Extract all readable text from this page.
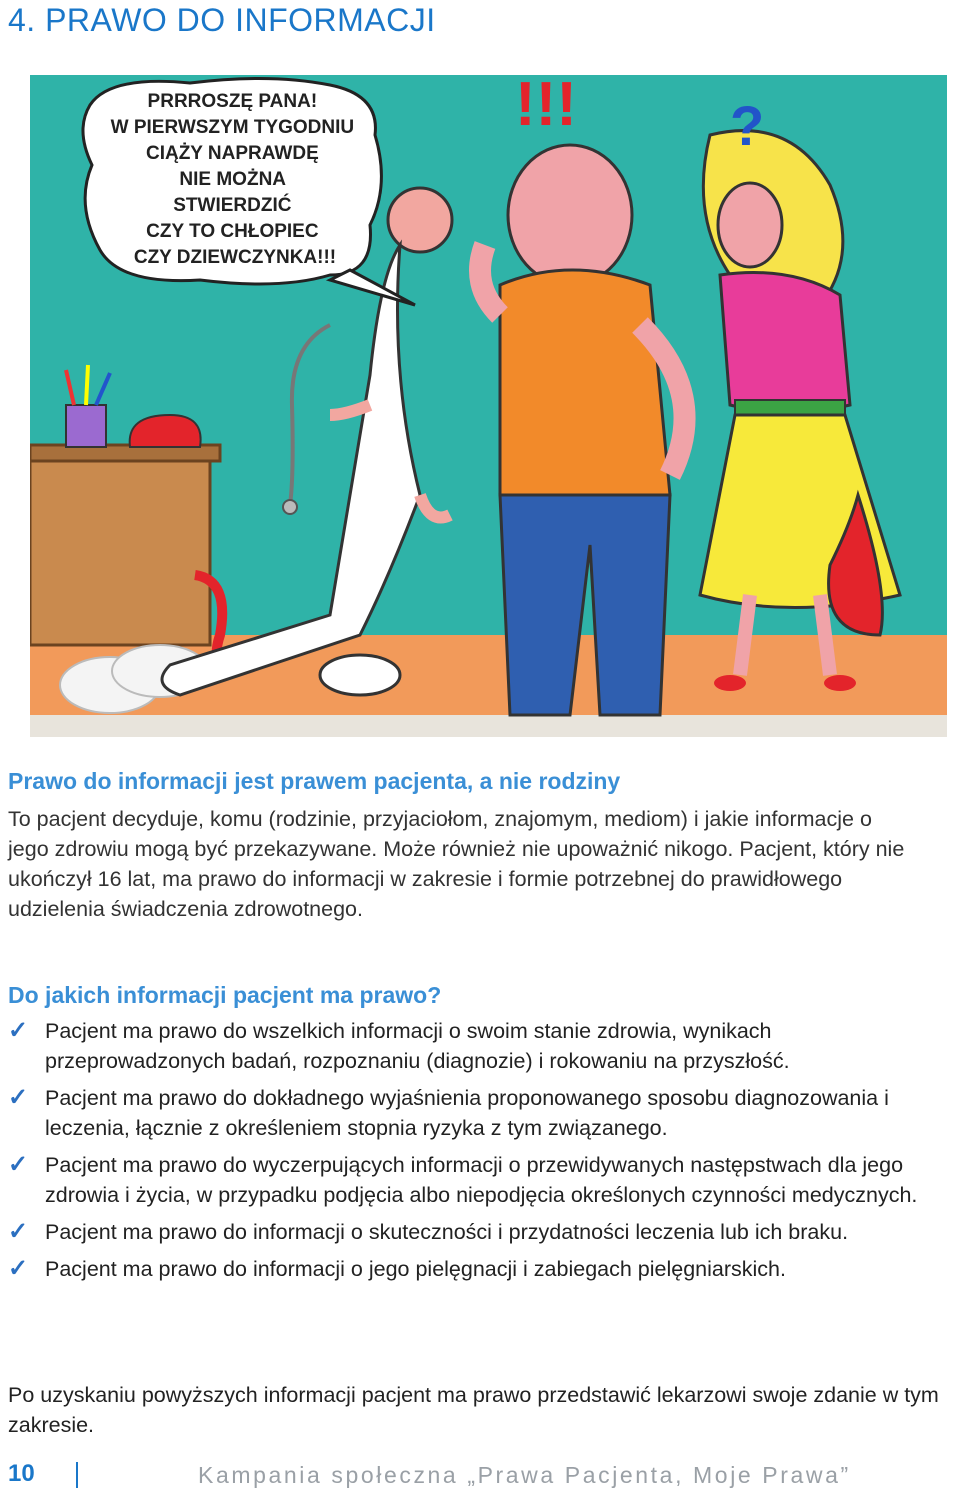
4. PRAWO DO INFORMACJI
!!!	?
PRRROSZĘ PANA! W PIERWSZYM TYGODNIU CIĄŻY NAPRAWDĘ NIE MOŻNA STWIERDZIĆ CZY TO CHŁOPIEC CZY DZIEWCZYNKA!!!
Prawo do informacji jest prawem pacjenta, a nie rodziny
To pacjent decyduje, komu (rodzinie, przyjaciołom, znajomym, mediom) i jakie informacje o jego zdrowiu mogą być przekazywane. Może również nie upoważnić nikogo. Pacjent, który nie ukończył 16 lat, ma prawo do informacji w zakresie i formie potrzebnej do prawidłowego udzielenia świadczenia zdrowotnego.
Do jakich informacji pacjent ma prawo?
✓ Pacjent ma prawo do wszelkich informacji o swoim stanie zdrowia, wynikach przeprowadzonych badań, rozpoznaniu (diagnozie) i rokowaniu na przyszłość.
✓ Pacjent ma prawo do dokładnego wyjaśnienia proponowanego sposobu diagnozowania i leczenia, łącznie z określeniem stopnia ryzyka z tym związanego.
✓ Pacjent ma prawo do wyczerpujących informacji o przewidywanych następstwach dla jego zdrowia i życia, w przypadku podjęcia albo niepodjęcia określonych czynności medycznych.
✓ Pacjent ma prawo do informacji o skuteczności i przydatności leczenia lub ich braku.
✓ Pacjent ma prawo do informacji o jego pielęgnacji i zabiegach pielęgniarskich.
Po uzyskaniu powyższych informacji pacjent ma prawo przedstawić lekarzowi swoje zdanie w tym zakresie.
10	Kampania społeczna „Prawa Pacjenta, Moje Prawa”
